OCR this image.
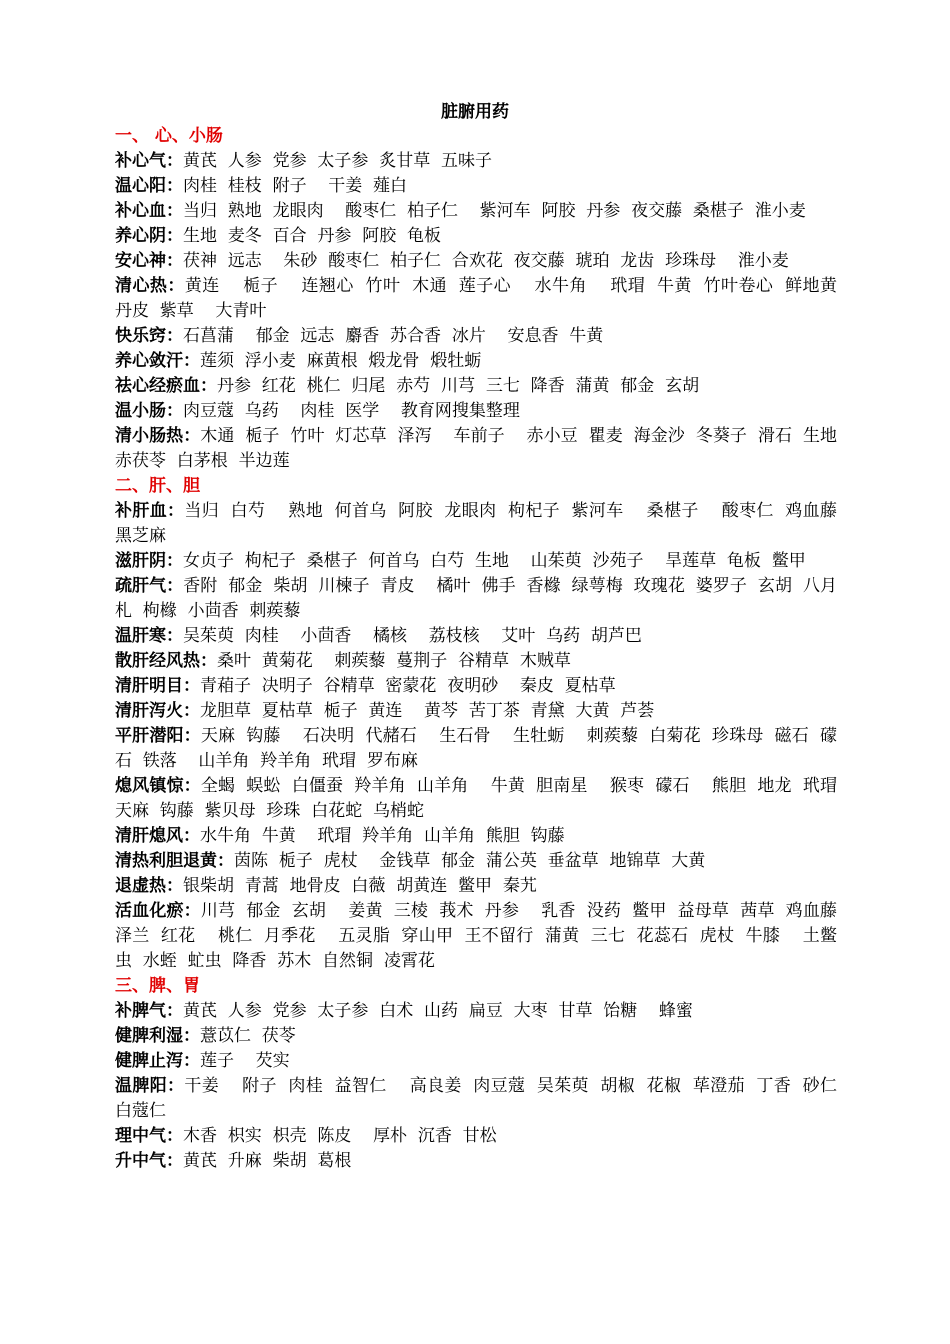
脏腑用药
一、 心、小肠
补心气：黄芪  人参  党参  太子参  炙甘草  五味子
温心阳：肉桂  桂枝  附子    干姜  薤白
补心血：当归  熟地  龙眼肉    酸枣仁  柏子仁    紫河车  阿胶  丹参  夜交藤  桑椹子  淮小麦
养心阴：生地  麦冬  百合  丹参  阿胶  龟板
安心神：茯神  远志    朱砂  酸枣仁  柏子仁  合欢花  夜交藤  琥珀  龙齿  珍珠母    淮小麦
清心热：黄连    栀子    连翘心  竹叶  木通  莲子心    水牛角    玳瑁  牛黄  竹叶卷心  鲜地黄  丹皮  紫草    大青叶
快乐窍：石菖蒲    郁金  远志  麝香  苏合香  冰片    安息香  牛黄
养心敛汗：莲须  浮小麦  麻黄根  煅龙骨  煅牡蛎
祛心经瘀血：丹参  红花  桃仁  归尾  赤芍  川芎  三七  降香  蒲黄  郁金  玄胡
温小肠：肉豆蔻  乌药    肉桂  医学    教育网搜集整理
清小肠热：木通  栀子  竹叶  灯芯草  泽泻    车前子    赤小豆  瞿麦  海金沙  冬葵子  滑石  生地  赤茯苓  白茅根  半边莲
二、肝、胆
补肝血：当归  白芍    熟地  何首乌  阿胶  龙眼肉  枸杞子  紫河车    桑椹子    酸枣仁  鸡血藤    黑芝麻
滋肝阴：女贞子  枸杞子  桑椹子  何首乌  白芍  生地    山茱萸  沙苑子    旱莲草  龟板  鳖甲
疏肝气：香附  郁金  柴胡  川楝子  青皮    橘叶  佛手  香橼  绿萼梅  玫瑰花  婆罗子  玄胡  八月札  枸橼  小茴香  刺蒺藜
温肝寒：吴茱萸  肉桂    小茴香    橘核    荔枝核    艾叶  乌药  胡芦巴
散肝经风热：桑叶  黄菊花    刺蒺藜  蔓荆子  谷精草  木贼草
清肝明目：青葙子  决明子  谷精草  密蒙花  夜明砂    秦皮  夏枯草
清肝泻火：龙胆草  夏枯草  栀子  黄连    黄芩  苦丁茶  青黛  大黄  芦荟
平肝潜阳：天麻  钩藤    石决明  代赭石    生石骨    生牡蛎    刺蒺藜  白菊花  珍珠母  磁石  礞石  铁落    山羊角  羚羊角  玳瑁  罗布麻
熄风镇惊：全蝎  蜈蚣  白僵蚕  羚羊角  山羊角    牛黄  胆南星    猴枣  礞石    熊胆  地龙  玳瑁    天麻  钩藤  紫贝母  珍珠  白花蛇  乌梢蛇
清肝熄风：水牛角  牛黄    玳瑁  羚羊角  山羊角  熊胆  钩藤
清热利胆退黄：茵陈  栀子  虎杖    金钱草  郁金  蒲公英  垂盆草  地锦草  大黄
退虚热：银柴胡  青蒿  地骨皮  白薇  胡黄连  鳖甲  秦艽
活血化瘀：川芎  郁金  玄胡    姜黄  三棱  莪术  丹参    乳香  没药  鳖甲  益母草  茜草  鸡血藤    泽兰  红花    桃仁  月季花    五灵脂  穿山甲  王不留行  蒲黄  三七  花蕊石  虎杖  牛膝    土鳖虫  水蛭  虻虫  降香  苏木  自然铜  凌霄花
三、脾、胃
补脾气：黄芪  人参  党参  太子参  白术  山药  扁豆  大枣  甘草  饴糖    蜂蜜
健脾利湿：薏苡仁  茯苓
健脾止泻：莲子    芡实
温脾阳：干姜    附子  肉桂  益智仁    高良姜  肉豆蔻  吴茱萸  胡椒  花椒  荜澄茄  丁香  砂仁    白蔻仁
理中气：木香  枳实  枳壳  陈皮    厚朴  沉香  甘松
升中气：黄芪  升麻  柴胡  葛根
